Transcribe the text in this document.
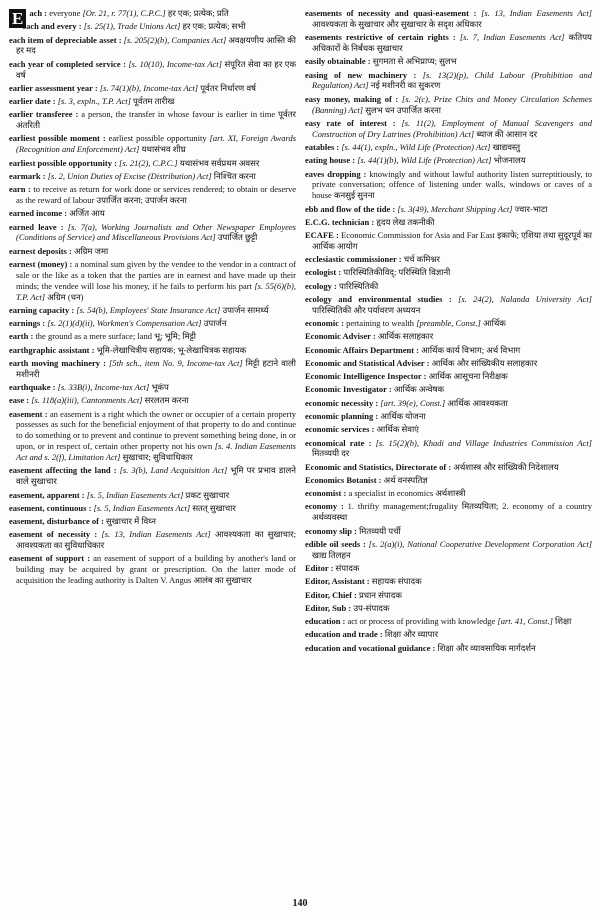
E ach : everyone [Or. 21, r. 77(1), C.P.C.] हर एक; प्रत्येक; प्रति

each and every : [s. 25(1), Trade Unions Act] हर एक; प्रत्येक; सभी

each item of depreciable asset : [s. 205(2)(b), Companies Act] अवक्षयणीय आस्ति की हर मद

each year of completed service : [s. 10(10), Income-tax Act] संपूरित सेवा का हर एक वर्ष

earlier assessment year : [s. 74(1)(b), Income-tax Act] पूर्वतर निर्धारण वर्ष

earlier date : [s. 3, expln., T.P. Act] पूर्वतम तारीख

earlier transferee : a person, the transfer in whose favour is earlier in time पूर्वतर अंतरिती

earliest possible moment : earliest possible opportunity [art. XI, Foreign Awards (Recognition and Enforcement) Act] यथासंभव शीघ्र

earliest possible opportunity : [s. 21(2), C.P.C.] यथासंभव सर्वप्रथम अवसर

earmark : [s. 2, Union Duties of Excise (Distribution) Act] निश्चित करना

earn : to receive as return for work done or services rendered; to obtain or deserve as the reward of labour उपार्जित करना; उपार्जन करना

earned income : अर्जित आय

earned leave : [s. 7(a), Working Journalists and Other Newspaper Employees (Conditions of Service) and Miscellaneous Provisions Act] उपार्जित छुट्टी

earnest deposits : अग्रिम जमा

earnest (money) : a nominal sum given by the vendee to the vendor in a contract of sale or the like as a token that the parties are in earnest and have made up their minds; the vendee will lose his money, if he fails to perform his part [s. 55(6)(b), T.P. Act] अग्रिम (धन)

earning capacity : [s. 54(b), Employees' State Insurance Act] उपार्जन सामर्थ्य

earnings : [s. 2(1)(d)(ii), Workmen's Compensation Act] उपार्जन

earth : the ground as a mere surface; land भू; भूमि; मिट्टी

earthgraphic assistant : भूमि-लेखाचित्रीय सहायक; भू-लेखाचित्रक सहायक

earth moving machinery : [5th sch., item No. 9, Income-tax Act] मिट्टी हटाने वाली मशीनरी

earthquake : [s. 33B(i), Income-tax Act] भूकंप

ease : [s. 118(a)(iii), Cantonments Act] सरलतम करना

easement : an easement is a right which the owner or occupier of a certain property possesses as such for the beneficial enjoyment of that property to do and continue to do something or to prevent and continue to prevent something being done, in or upon, or in respect of, certain other property not his own [s. 4. Indian Easements Act and s. 2(f), Limitation Act] सुखाचार; सुविधाधिकार

easement affecting the land : [s. 3(b), Land Acquisition Act] भूमि पर प्रभाव डालने वाले सुखाचार

easement, apparent : [s. 5, Indian Easements Act] प्रकट सुखाचार

easement, continuous : [s. 5, Indian Easements Act] सतत् सुखाचार

easement, disturbance of : सुखाचार में विघ्न

easement of necessity : [s. 13, Indian Easements Act] आवश्यकता का सुखाचार; आवश्यकता का सुविधाधिकार

easement of support : an easement of support of a building by another's land or building may be acquired by grant or prescription. On the latter mode of acquisition the leading authority is Dalten V. Angus आलंब का सुखाचार

easements of necessity and quasi-easement : [s. 13, Indian Easements Act] आवश्यकता के सुखाचार और सुखाचार के सदृश अधिकार

easements restrictive of certain rights : [s. 7, Indian Easements Act] कतिपय अधिकारों के निर्बंधक सुखाचार

easily obtainable : सुगमता से अभिप्राप्य; सुलभ

easing of new machinery : [s. 13(2)(p), Child Labour (Prohibition and Regulation) Act] नई मशीनरी का सुकरण

easy money, making of : [s. 2(c), Prize Chits and Money Circulation Schemes (Banning) Act] सुलभ धन उपार्जित करना

easy rate of interest : [s. 11(2), Employment of Manual Scavengers and Construction of Dry Latrines (Prohibition) Act] ब्याज की आसान दर

eatables : [s. 44(1), expln., Wild Life (Protection) Act] खाद्यवस्तु

eating house : [s. 44(1)(b), Wild Life (Protection) Act] भोजनालय

eaves dropping : knowingly and without lawful authority listen surreptitiously, to private conversation; offence of listening under walls, windows or caves of a house कनसुई सुनना

ebb and flow of the tide : [s. 3(49), Merchant Shipping Act] ज्वार-भाटा

E.C.G. technician : हृदय लेख तकनीकी

ECAFE : Economic Commission for Asia and Far East इकाफे; एशिया तथा सुदूरपूर्व का आर्थिक आयोग

ecclesiastic commissioner : चर्च कमिश्नर

ecologist : पारिस्थितिकीविद्; परिस्थिति विज्ञानी

ecology : पारिस्थितिकी

ecology and environmental studies : [s. 24(2), Nalanda University Act] पारिस्थितिकी और पर्यावरण अध्ययन

economic : pertaining to wealth [preamble, Const.] आर्थिक

Economic Adviser : आर्थिक सलाहकार

Economic Affairs Department : आर्थिक कार्य विभाग; अर्थ विभाग

Economic and Statistical Adviser : आर्थिक और सांख्यिकीय सलाहकार

Economic Intelligence Inspector : आर्थिक आसूचना निरीक्षक

Economic Investigator : आर्थिक अन्वेषक

economic necessity : [art. 39(e), Const.] आर्थिक आवश्यकता

economic planning : आर्थिक योजना

economic services : आर्थिक सेवाएं

economical rate : [s. 15(2)(b), Khadi and Village Industries Commission Act] मितव्ययी दर

Economic and Statistics, Directorate of : अर्थशास्त्र और सांख्यिकी निदेशालय

Economics Botanist : अर्थ वनस्पतिज्ञ

economist : a specialist in economics अर्थशास्त्री

economy : 1. thrifty management;frugality मितव्ययिता; 2. economy of a country अर्थव्यवस्था

economy slip : मितव्ययी पर्ची

edible oil seeds : [s. 2(a)(i), National Cooperative Development Corporation Act] खाद्य तिलहन

Editor : संपादक

Editor, Assistant : सहायक संपादक

Editor, Chief : प्रधान संपादक

Editor, Sub : उप-संपादक

education : act or process of providing with knowledge [art. 41, Const.] शिक्षा

education and trade : शिक्षा और व्यापार

education and vocational guidance : शिक्षा और व्यावसायिक मार्गदर्शन

140
